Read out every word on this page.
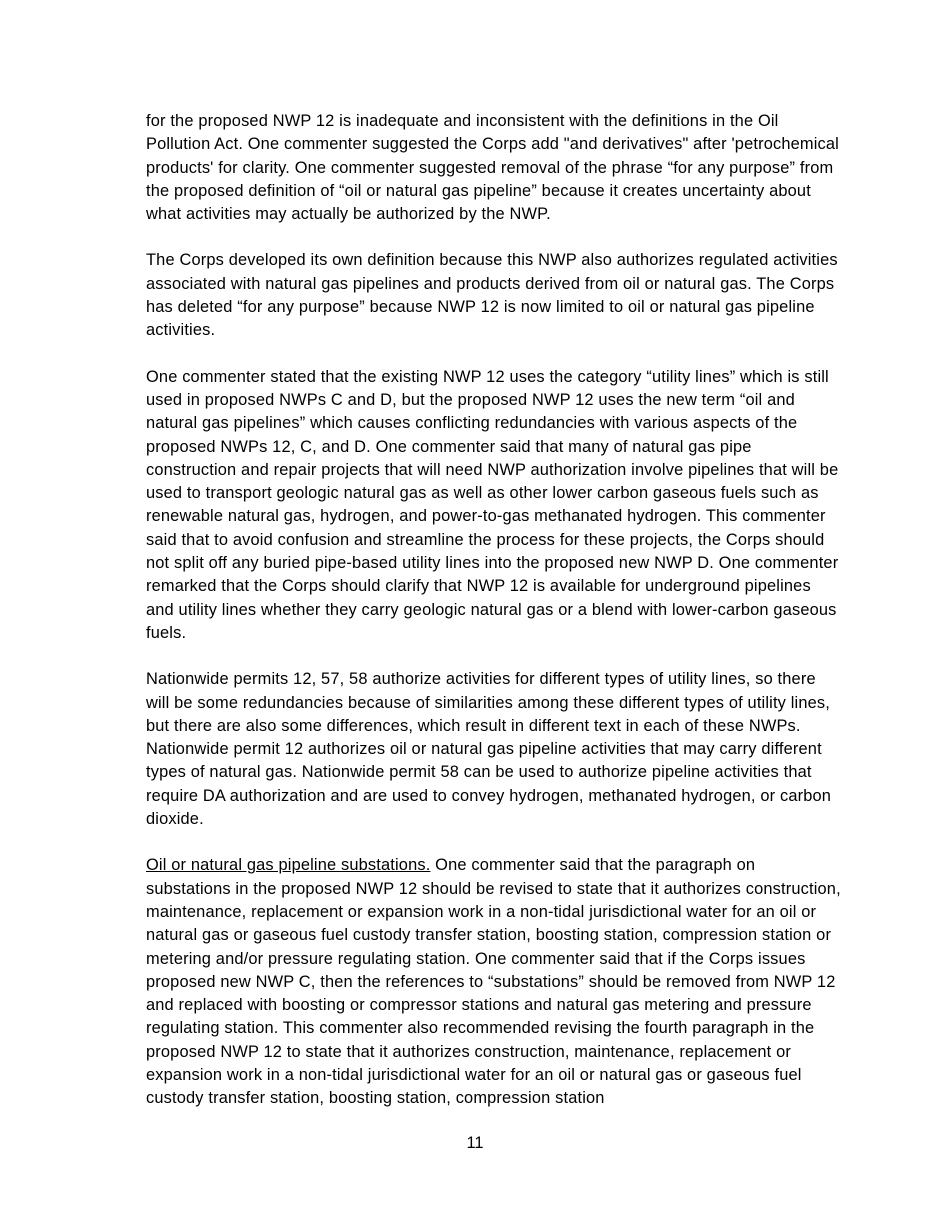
for the proposed NWP 12 is inadequate and inconsistent with the definitions in the Oil Pollution Act. One commenter suggested the Corps add "and derivatives" after 'petrochemical products' for clarity. One commenter suggested removal of the phrase “for any purpose” from the proposed definition of “oil or natural gas pipeline” because it creates uncertainty about what activities may actually be authorized by the NWP.

The Corps developed its own definition because this NWP also authorizes regulated activities associated with natural gas pipelines and products derived from oil or natural gas. The Corps has deleted “for any purpose” because NWP 12 is now limited to oil or natural gas pipeline activities.

One commenter stated that the existing NWP 12 uses the category “utility lines” which is still used in proposed NWPs C and D, but the proposed NWP 12 uses the new term “oil and natural gas pipelines” which causes conflicting redundancies with various aspects of the proposed NWPs 12, C, and D. One commenter said that many of natural gas pipe construction and repair projects that will need NWP authorization involve pipelines that will be used to transport geologic natural gas as well as other lower carbon gaseous fuels such as renewable natural gas, hydrogen, and power-to-gas methanated hydrogen. This commenter said that to avoid confusion and streamline the process for these projects, the Corps should not split off any buried pipe-based utility lines into the proposed new NWP D. One commenter remarked that the Corps should clarify that NWP 12 is available for underground pipelines and utility lines whether they carry geologic natural gas or a blend with lower-carbon gaseous fuels.

Nationwide permits 12, 57, 58 authorize activities for different types of utility lines, so there will be some redundancies because of similarities among these different types of utility lines, but there are also some differences, which result in different text in each of these NWPs. Nationwide permit 12 authorizes oil or natural gas pipeline activities that may carry different types of natural gas. Nationwide permit 58 can be used to authorize pipeline activities that require DA authorization and are used to convey hydrogen, methanated hydrogen, or carbon dioxide.

Oil or natural gas pipeline substations. One commenter said that the paragraph on substations in the proposed NWP 12 should be revised to state that it authorizes construction, maintenance, replacement or expansion work in a non-tidal jurisdictional water for an oil or natural gas or gaseous fuel custody transfer station, boosting station, compression station or metering and/or pressure regulating station. One commenter said that if the Corps issues proposed new NWP C, then the references to “substations” should be removed from NWP 12 and replaced with boosting or compressor stations and natural gas metering and pressure regulating station. This commenter also recommended revising the fourth paragraph in the proposed NWP 12 to state that it authorizes construction, maintenance, replacement or expansion work in a non-tidal jurisdictional water for an oil or natural gas or gaseous fuel custody transfer station, boosting station, compression station

11
